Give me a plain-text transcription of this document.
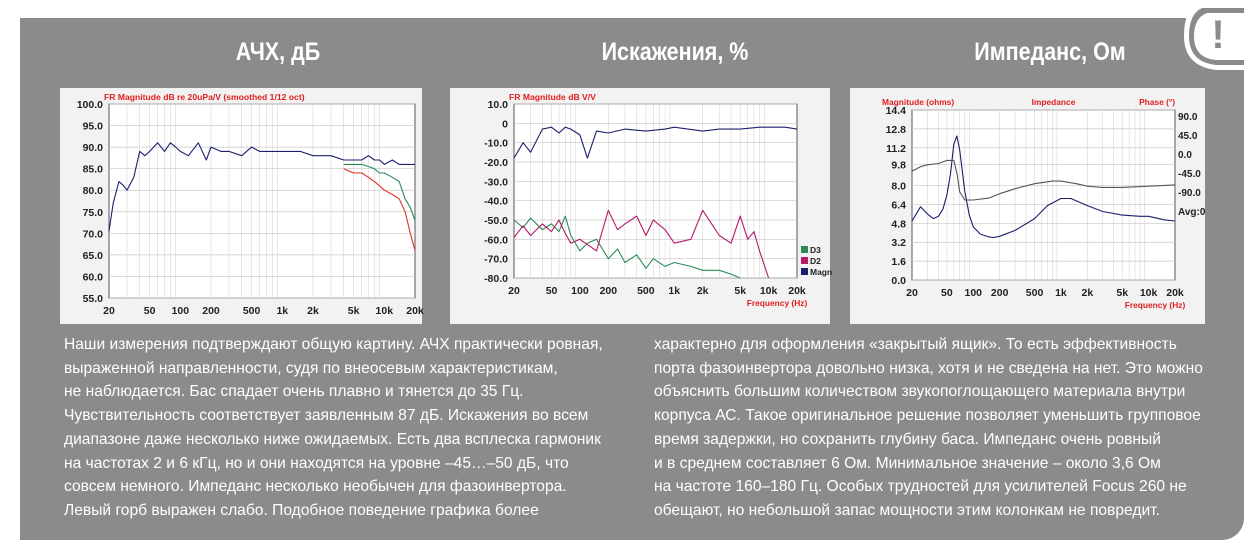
АЧХ, дБ	Искажения, %	Импеданс, Ом
FR Magnitude dB re 20uPa/V (smoothed 1/12 oct)
100.0
95.0
90.0
85.0
80.0
75.0
70.0
65.0
60.0
55.0
20	50 100 200 500 1k 2k	5k 10k 20k
FR Magnitude dB V/V
10.0
0
-10.0
-20.0
-30.0
-40.0
-50.0
-60.0
-70.0
-80.0
20 50 100 200 500 1k 2k 5k 10k 20k
Frequency (Hz)
D3
D2
Magn
Magnitude (ohms)	Impedance	Phase (°)
14.4
12.8
11.2
9.8
8.0
6.4
4.8
3.2
1.6
0.0
20 50 100 200 500 1k 2k 5k 10k 20k
Frequency (Hz)
90.0
45.0
0.0
-45.0
-90.0
Avg:0
Наши измерения подтверждают общую картину. АЧХ практически ровная,
выраженной направленности, судя по внеосевым характеристикам,
не наблюдается. Бас спадает очень плавно и тянется до 35 Гц.
Чувствительность соответствует заявленным 87 дБ. Искажения во всем
диапазоне даже несколько ниже ожидаемых. Есть два всплеска гармоник
на частотах 2 и 6 кГц, но и они находятся на уровне –45…–50 дБ, что
совсем немного. Импеданс несколько необычен для фазоинвертора.
Левый горб выражен слабо. Подобное поведение графика более
характерно для оформления «закрытый ящик». То есть эффективность
порта фазоинвертора довольно низка, хотя и не сведена на нет. Это можно
объяснить большим количеством звукопоглощающего материала внутри
корпуса АС. Такое оригинальное решение позволяет уменьшить групповое
время задержки, но сохранить глубину баса. Импеданс очень ровный
и в среднем составляет 6 Ом. Минимальное значение – около 3,6 Ом
на частоте 160–180 Гц. Особых трудностей для усилителей Focus 260 не
обещают, но небольшой запас мощности этим колонкам не повредит.
!
